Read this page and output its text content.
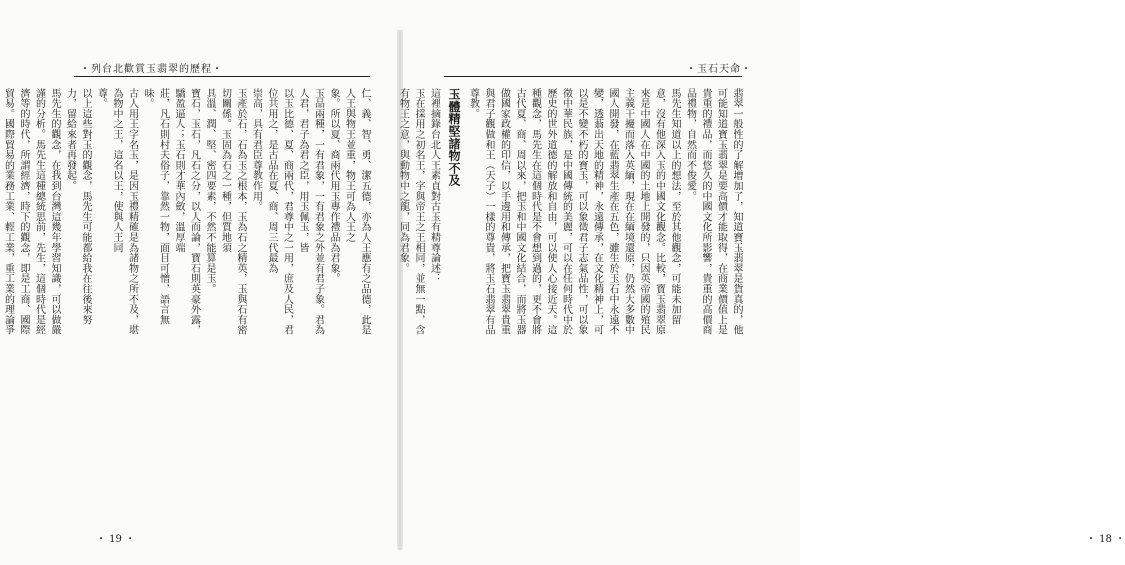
・列台北歡賞玉翡翠的歷程・

仁、義、智、勇、潔五德，亦為人王應有之品德，此是人王與物王並重，物王可為人王之

象。所以夏、商兩代用玉專作禮品為君象。

玉品兩種，一有君象，一有君象之外並有君子象。君為人君，君子為君之臣，用玉佩玉，皆

以玉比德、夏、商兩代，君尊中之一用，庶及人民，君位共用之，是古品在夏、商、周三代最為

崇高，具有君臣尊教作用。

玉產於石，石為玉之根本，玉為石之精英，玉與石有密切關係。玉固為石之一種，但質地須

具溫、潤、堅、密四要素，不然不能算是玉。

寶石，玉石，凡石之分，以人而論，寶石則英豪外露，驕盈逼人；玉石則才華內斂，溫厚端

莊，凡石則村夫俗子，靠然一物，面目可憎，語言無味。

古人用王字名玉，是因玉禮精確是為諸物之所不及，堪為物中之王，這名以王，使與人王同

尊。

以上這些對玉的觀念，馬先生可能都給我在往後來努力，留給來者再發起。

馬先生的觀念，在我到台灣這幾年學習知識，可以做嚴謹的分析。馬先生這種總統思前，先生，這個時代是經濟等的時代，所謂經濟，時下的觀念，即是工商、國際貿易。國際貿易的業務工業、輕工業，重工業的理論爭

・ 19 ・
・玉石天命・

翡翠一般性的了解增加了，知道寶玉翡翠是貨真的，他可能知道寶玉翡翠是要高價才能取得，在商業價值上是貴重的禮品，而悠久的中國文化所影響，貴重的高價商品禮物，自然而不俊愛。

馬先生知道以上的想法，至於其他觀念，可能未加留意，沒有他深入玉的中國文化觀念。比較，寶玉翡翠原來是中國人在中國的土地上開發的，只因英帝國的殖民主義干擾而落入英緬，現在在緬境還原，仍然大多數中國人開發，在藍翡翠生產在五色，雖生於玉石中永遠不變，透蓊出天地的精神，永遠傳承，在文化精神上，可以是不變不朽的寶玉，可以象徵君子志氣品性，可以象徵中華民族，是中國傳統的美麗，可以在任何時代中於歷史的世外道德的解放和自由，可以使人心接近天。這種觀念，馬先生在這個時代是不會想到過的，更不會將古代夏、商、周以來，把玉和中國文化結合，而將玉器做國家政權的印信，以手邊用和傳承，把寶玉翡翠貴重與君子觀做和王（天子）一樣的尊貴，將玉石翡翠有品尊教。

玉體精堅諸物不及

這裡摘錄台北人王素貞對古玉有精尊論述：

玉在採用之初名王，字與帝王之王相同，並無一點，含有物王之意，與動物中之龍，同為君象。

・ 18 ・
